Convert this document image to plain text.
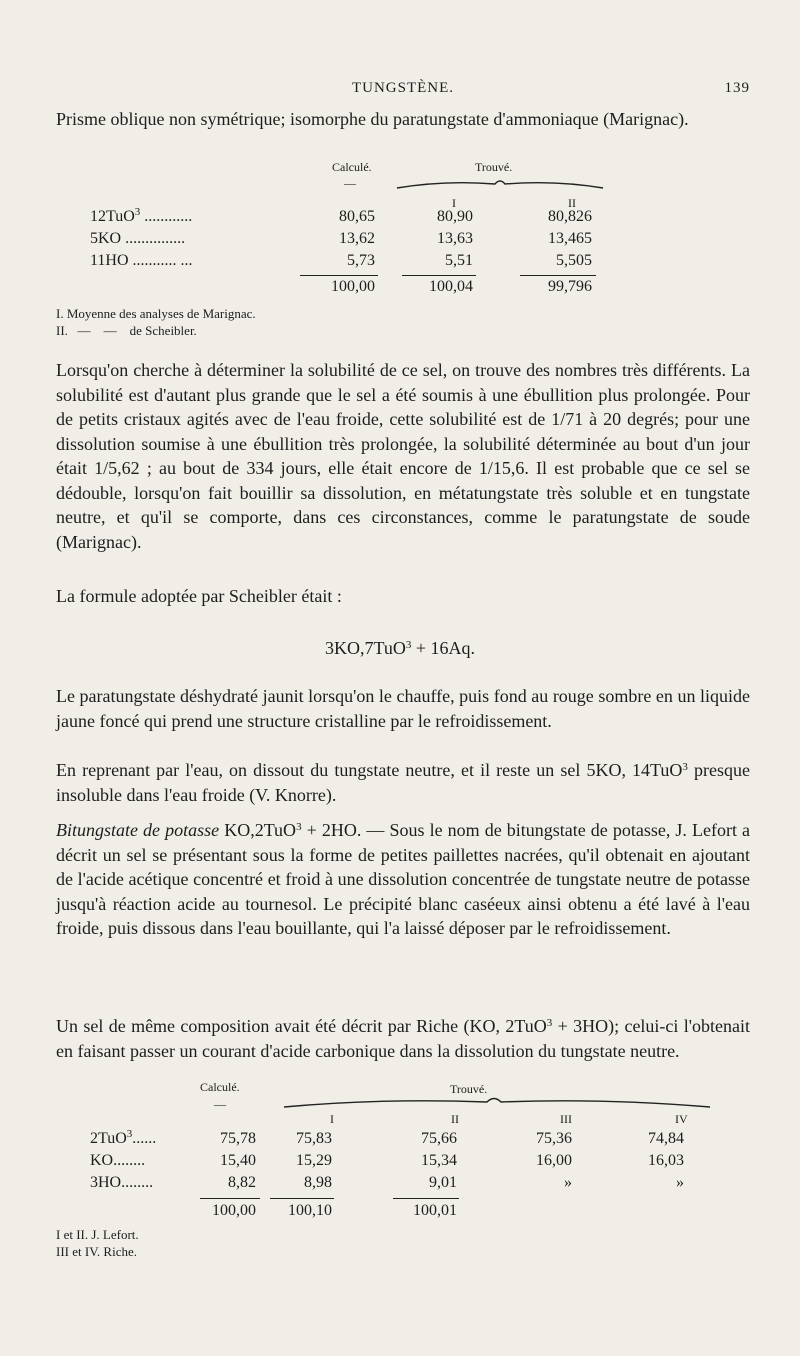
TUNGSTÈNE.	139

Prisme oblique non symétrique; isomorphe du paratungstate d'ammoniaque (Marignac).

Calculé.
—
Trouvé.
I	II
12TuO$^3$ ............	80,65	80,90	80,826
5KO ...............	13,62	13,63	13,465
11HO ........... ...	5,73	5,51	5,505
100,00	100,04	99,796
I. Moyenne des analyses de Marignac.
II.   —    —    de Scheibler.

Lorsqu'on cherche à déterminer la solubilité de ce sel, on trouve des nombres très différents. La solubilité est d'autant plus grande que le sel a été soumis à une ébullition plus prolongée. Pour de petits cristaux agités avec de l'eau froide, cette solubilité est de 1/71 à 20 degrés; pour une dissolution soumise à une ébullition très prolongée, la solubilité déterminée au bout d'un jour était 1/5,62 ; au bout de 334 jours, elle était encore de 1/15,6. Il est probable que ce sel se dédouble, lorsqu'on fait bouillir sa dissolution, en métatungstate très soluble et en tungstate neutre, et qu'il se comporte, dans ces circonstances, comme le paratungstate de soude (Marignac).

La formule adoptée par Scheibler était :

3KO,7TuO$^3$ + 16Aq.

Le paratungstate déshydraté jaunit lorsqu'on le chauffe, puis fond au rouge sombre en un liquide jaune foncé qui prend une structure cristalline par le refroidissement.

En reprenant par l'eau, on dissout du tungstate neutre, et il reste un sel 5KO, 14TuO$^3$ presque insoluble dans l'eau froide (V. Knorre).

Bitungstate de potasse KO,2TuO$^3$ + 2HO. — Sous le nom de bitungstate de potasse, J. Lefort a décrit un sel se présentant sous la forme de petites paillettes nacrées, qu'il obtenait en ajoutant de l'acide acétique concentré et froid à une dissolution concentrée de tungstate neutre de potasse jusqu'à réaction acide au tournesol. Le précipité blanc caséeux ainsi obtenu a été lavé à l'eau froide, puis dissous dans l'eau bouillante, qui l'a laissé déposer par le refroidissement.

Un sel de même composition avait été décrit par Riche (KO, 2TuO$^3$ + 3HO); celui-ci l'obtenait en faisant passer un courant d'acide carbonique dans la dissolution du tungstate neutre.

Calculé.
—
Trouvé.
I	II	III	IV
2TuO$^3$......	75,78	75,83	75,66	75,36	74,84
KO........	15,40	15,29	15,34	16,00	16,03
3HO........	8,82	8,98	9,01	»	»
100,00	100,10	100,01
I et II. J. Lefort.
III et IV. Riche.
